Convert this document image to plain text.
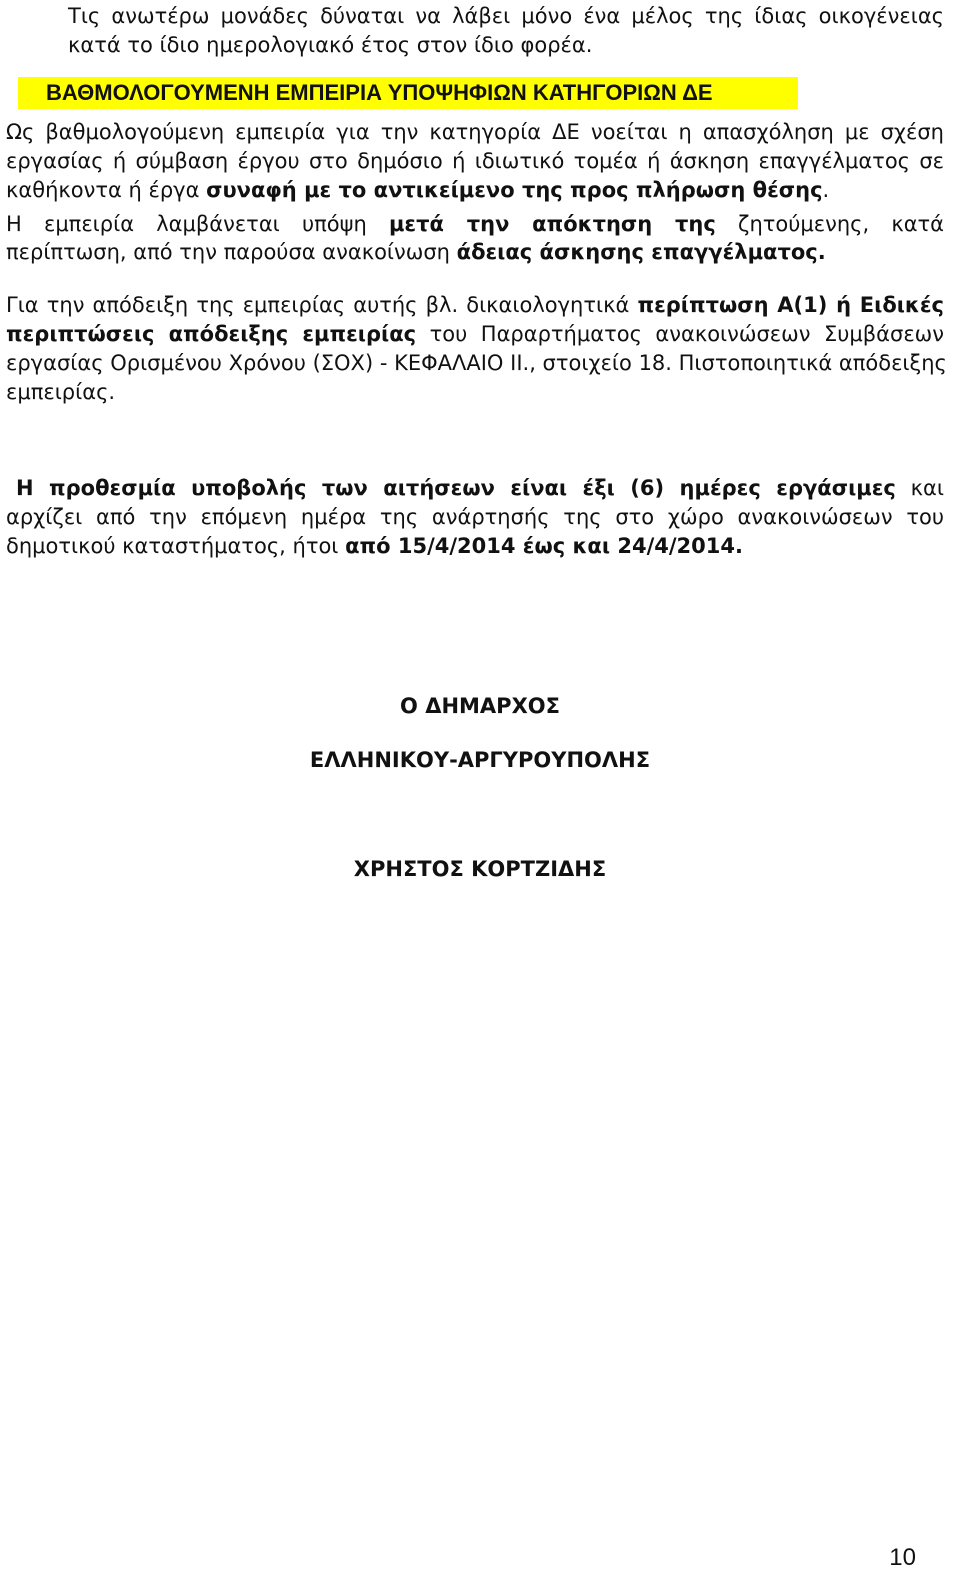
Τις ανωτέρω μονάδες δύναται να λάβει μόνο ένα μέλος της ίδιας οικογένειας
κατά το ίδιο ημερολογιακό έτος στον ίδιο φορέα.
ΒΑΘΜΟΛΟΓΟΥΜΕΝΗ ΕΜΠΕΙΡΙΑ ΥΠΟΨΗΦΙΩΝ ΚΑΤΗΓΟΡΙΩΝ ΔΕ
Ως βαθμολογούμενη εμπειρία για την κατηγορία ΔΕ νοείται η απασχόληση με σχέση
εργασίας ή σύμβαση έργου στο δημόσιο ή ιδιωτικό τομέα ή άσκηση επαγγέλματος σε
καθήκοντα ή έργα συναφή με το αντικείμενο της προς πλήρωση θέσης.
Η εμπειρία λαμβάνεται υπόψη μετά την απόκτηση της ζητούμενης, κατά
περίπτωση, από την παρούσα ανακοίνωση άδειας άσκησης επαγγέλματος.
Για την απόδειξη της εμπειρίας αυτής βλ. δικαιολογητικά περίπτωση Α(1) ή Ειδικές
περιπτώσεις απόδειξης εμπειρίας του Παραρτήματος ανακοινώσεων Συμβάσεων
εργασίας Ορισμένου Χρόνου (ΣΟΧ) - ΚΕΦΑΛΑΙΟ ΙΙ., στοιχείο 18. Πιστοποιητικά απόδειξης
εμπειρίας.
Η προθεσμία υποβολής των αιτήσεων είναι έξι (6) ημέρες εργάσιμες και
αρχίζει από την επόμενη ημέρα της ανάρτησής της στο χώρο ανακοινώσεων του
δημοτικού καταστήματος, ήτοι από 15/4/2014 έως και 24/4/2014.
Ο ΔΗΜΑΡΧΟΣ
ΕΛΛΗΝΙΚΟΥ-ΑΡΓΥΡΟΥΠΟΛΗΣ
ΧΡΗΣΤΟΣ ΚΟΡΤΖΙΔΗΣ
10
